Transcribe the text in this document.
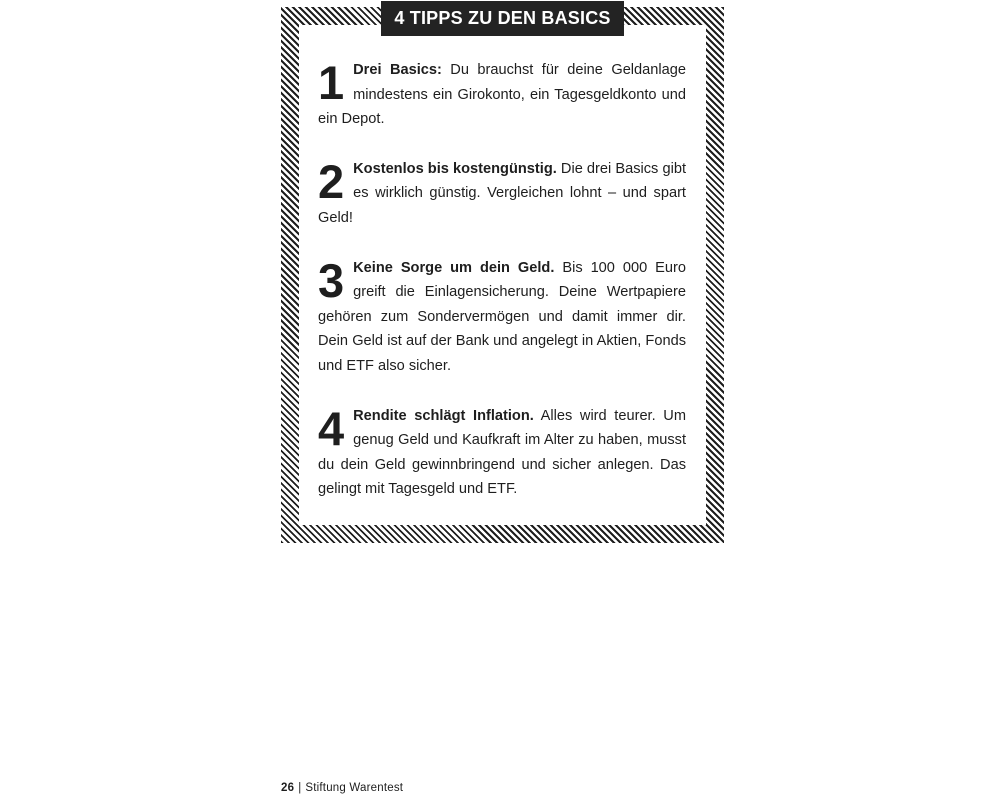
4 TIPPS ZU DEN BASICS

1 Drei Basics: Du brauchst für deine Geldanlage mindestens ein Girokonto, ein Tagesgeldkonto und ein Depot.

2 Kostenlos bis kostengünstig. Die drei Basics gibt es wirklich günstig. Vergleichen lohnt – und spart Geld!

3 Keine Sorge um dein Geld. Bis 100 000 Euro greift die Einlagensicherung. Deine Wertpapiere gehören zum Sondervermögen und damit immer dir. Dein Geld ist auf der Bank und angelegt in Aktien, Fonds und ETF also sicher.

4 Rendite schlägt Inflation. Alles wird teurer. Um genug Geld und Kaufkraft im Alter zu haben, musst du dein Geld gewinnbringend und sicher anlegen. Das gelingt mit Tagesgeld und ETF.

26 | Stiftung Warentest
